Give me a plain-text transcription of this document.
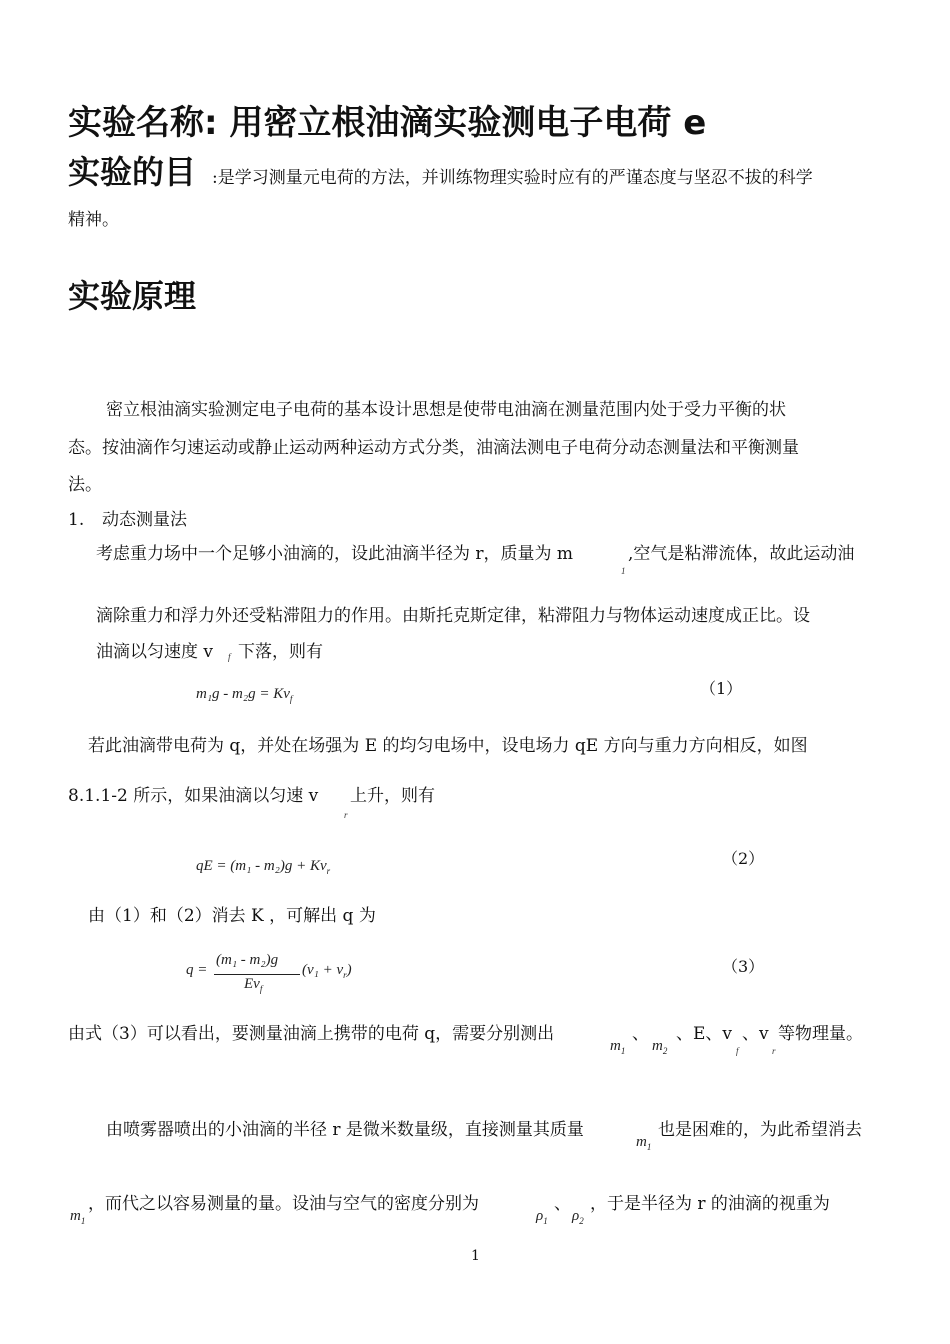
实验名称: 用密立根油滴实验测电子电荷 e
实验的目 :是学习测量元电荷的方法，并训练物理实验时应有的严谨态度与坚忍不拔的科学
精神。
实验原理
密立根油滴实验测定电子电荷的基本设计思想是使带电油滴在测量范围内处于受力平衡的状
态。按油滴作匀速运动或静止运动两种运动方式分类，油滴法测电子电荷分动态测量法和平衡测量
法。
1. 动态测量法
考虑重力场中一个足够小油滴的，设此油滴半径为 r，质量为 m
1
,空气是粘滞流体，故此运动油
滴除重力和浮力外还受粘滞阻力的作用。由斯托克斯定律，粘滞阻力与物体运动速度成正比。设
油滴以匀速度 v f 下落，则有
$m_1g - m_2g = Kv_f$
（1）
若此油滴带电荷为 q，并处在场强为 E 的均匀电场中，设电场力 qE 方向与重力方向相反，如图
8.1.1-2 所示，如果油滴以匀速 v
r
上升，则有
qE = $(m_1 - m_2)g + Kv_r$
（2）
由（1）和（2）消去 K ，可解出 q 为
q =
(m₁ - m₂)g
$Ev_f$
$(v_1 + v_r)$	（3）
由式（3）可以看出，要测量油滴上携带的电荷 q，需要分别测出
$m_1$
、
$m_2$
、E、v
f
、v
r
等物理量。
由喷雾器喷出的小油滴的半径 r 是微米数量级，直接测量其质量
$m_1$
也是困难的，为此希望消去
$m_1$
，而代之以容易测量的量。设油与空气的密度分别为
$\rho_1$
、
$\rho_2$
，于是半径为 r 的油滴的视重为
1
